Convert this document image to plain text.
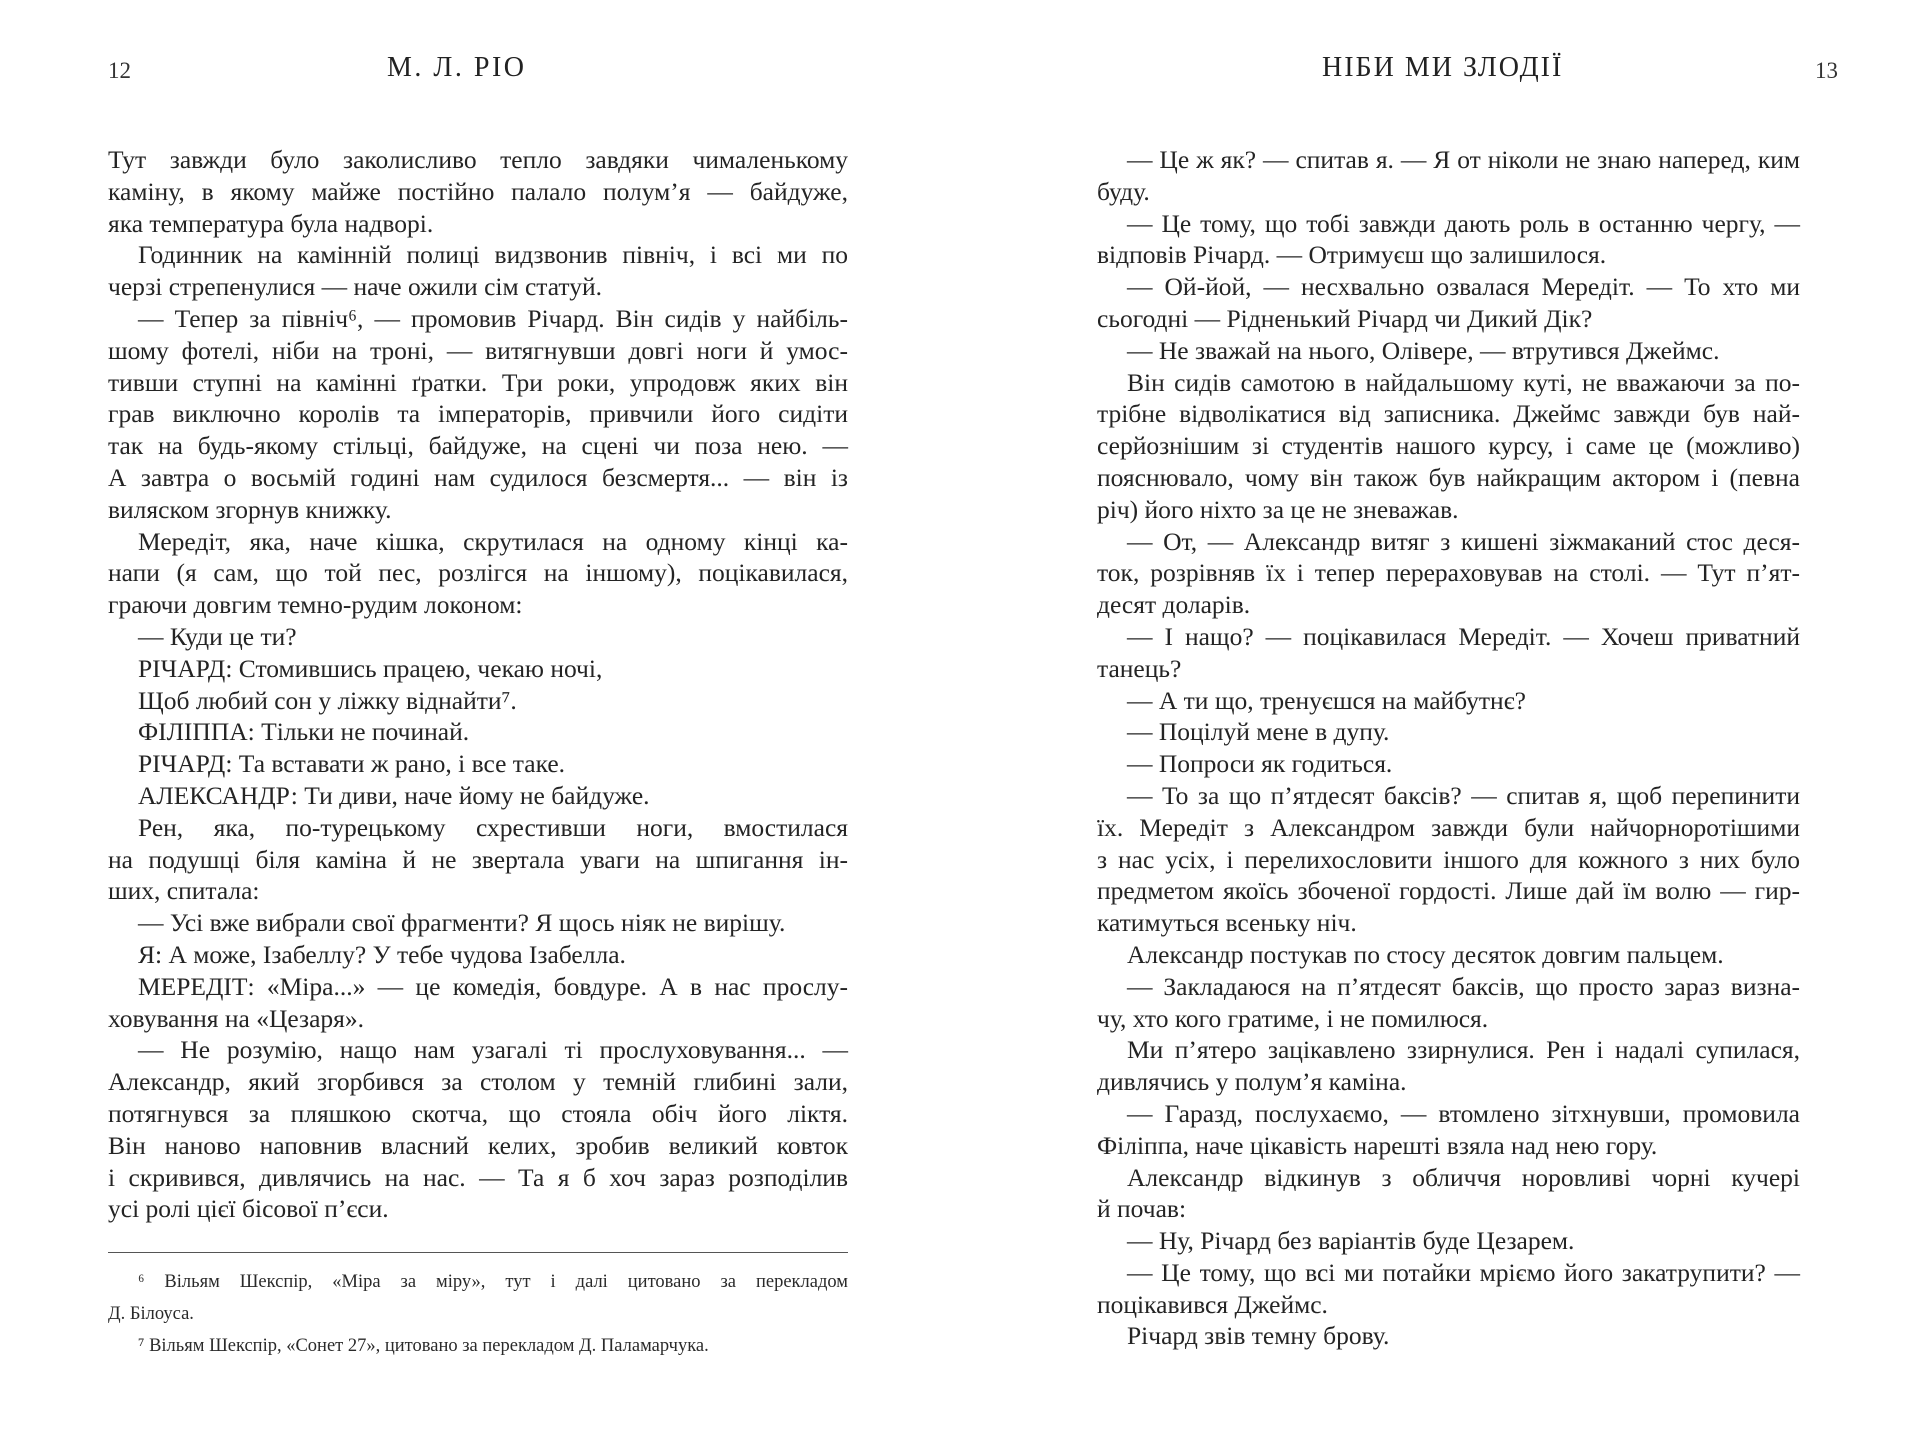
12	М. Л. РІО
Тут завжди було заколисливо тепло завдяки чималенькому
каміну, в якому майже постійно палало полум’я — байдуже,
яка температура була надворі.
Годинник на камінній полиці видзвонив північ, і всі ми по
черзі стрепенулися — наче ожили сім статуй.
— Тепер за північ⁶, — промовив Річард. Він сидів у найбіль-
шому фотелі, ніби на троні, — витягнувши довгі ноги й умос-
тивши ступні на камінні ґратки. Три роки, упродовж яких він
грав виключно королів та імператорів, привчили його сидіти
так на будь-якому стільці, байдуже, на сцені чи поза нею. —
А завтра о восьмій годині нам судилося безсмертя... — він із
виляском згорнув книжку.
Мередіт, яка, наче кішка, скрутилася на одному кінці ка-
напи (я сам, що той пес, розлігся на іншому), поцікавилася,
граючи довгим темно-рудим локоном:
— Куди це ти?
РІЧАРД: Стомившись працею, чекаю ночі,
Щоб любий сон у ліжку віднайти⁷.
ФІЛІППА: Тільки не починай.
РІЧАРД: Та вставати ж рано, і все таке.
АЛЕКСАНДР: Ти диви, наче йому не байдуже.
Рен, яка, по-турецькому схрестивши ноги, вмостилася
на подушці біля каміна й не звертала уваги на шпигання ін-
ших, спитала:
— Усі вже вибрали свої фрагменти? Я щось ніяк не вирішу.
Я: А може, Ізабеллу? У тебе чудова Ізабелла.
МЕРЕДІТ: «Міра...» — це комедія, бовдуре. А в нас прослу-
ховування на «Цезаря».
— Не розумію, нащо нам узагалі ті прослуховування... —
Александр, який згорбився за столом у темній глибині зали,
потягнувся за пляшкою скотча, що стояла обіч його ліктя.
Він наново наповнив власний келих, зробив великий ковток
і скривився, дивлячись на нас. — Та я б хоч зараз розподілив
усі ролі цієї бісової п’єси.
⁶ Вільям Шекспір, «Міра за міру», тут і далі цитовано за перекладом
Д. Білоуса.
⁷ Вільям Шекспір, «Сонет 27», цитовано за перекладом Д. Паламарчука.
НІБИ МИ ЗЛОДІЇ	13
— Це ж як? — спитав я. — Я от ніколи не знаю наперед, ким
буду.
— Це тому, що тобі завжди дають роль в останню чергу, —
відповів Річард. — Отримуєш що залишилося.
— Ой-йой, — несхвально озвалася Мередіт. — То хто ми
сьогодні — Рідненький Річард чи Дикий Дік?
— Не зважай на нього, Олівере, — втрутився Джеймс.
Він сидів самотою в найдальшому куті, не вважаючи за по-
трібне відволікатися від записника. Джеймс завжди був най-
серйознішим зі студентів нашого курсу, і саме це (можливо)
пояснювало, чому він також був найкращим актором і (певна
річ) його ніхто за це не зневажав.
— От, — Александр витяг з кишені зіжмаканий стос деся-
ток, розрівняв їх і тепер перераховував на столі. — Тут п’ят-
десят доларів.
— І нащо? — поцікавилася Мередіт. — Хочеш приватний
танець?
— А ти що, тренуєшся на майбутнє?
— Поцілуй мене в дупу.
— Попроси як годиться.
— То за що п’ятдесят баксів? — спитав я, щоб перепинити
їх. Мередіт з Александром завжди були найчорноротішими
з нас усіх, і перелихословити іншого для кожного з них було
предметом якоїсь збоченої гордості. Лише дай їм волю — гир-
катимуться всеньку ніч.
Александр постукав по стосу десяток довгим пальцем.
— Закладаюся на п’ятдесят баксів, що просто зараз визна-
чу, хто кого гратиме, і не помилюся.
Ми п’ятеро зацікавлено ззирнулися. Рен і надалі супилася,
дивлячись у полум’я каміна.
— Гаразд, послухаємо, — втомлено зітхнувши, промовила
Філіппа, наче цікавість нарешті взяла над нею гору.
Александр відкинув з обличчя норовливі чорні кучері
й почав:
— Ну, Річард без варіантів буде Цезарем.
— Це тому, що всі ми потайки мріємо його закатрупити? —
поцікавився Джеймс.
Річард звів темну брову.
